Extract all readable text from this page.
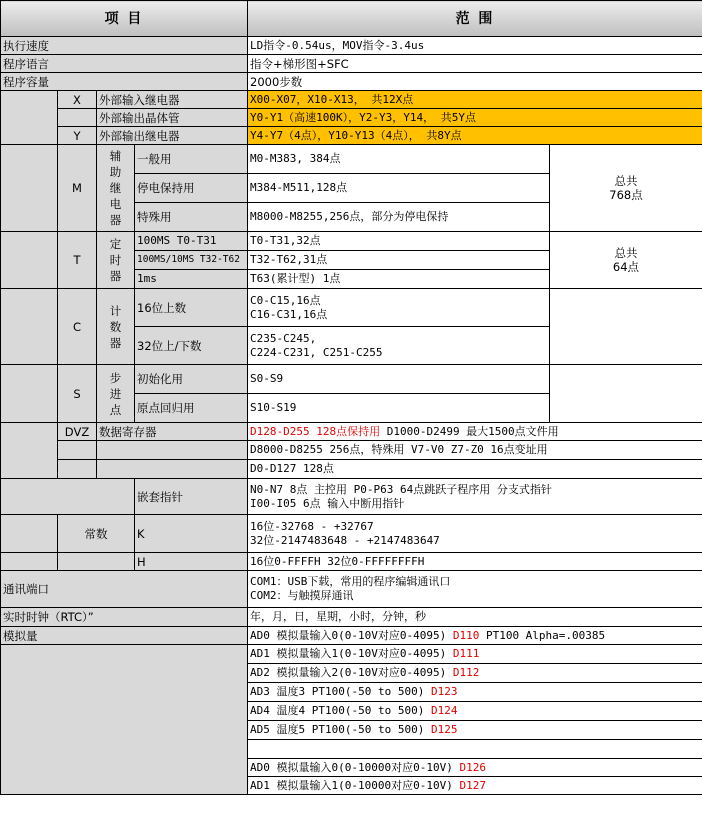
项 目				范 围	
执行速度				LD指令-0.54us，MOV指令-3.4us	
程序语言				指令+梯形图+SFC	
程序容量				2000步数	
	X	外部输入继电器		X00-X07，X10-X13， 共12X点	
		外部输出晶体管		Y0-Y1（高速100K），Y2-Y3，Y14， 共5Y点	
	Y	外部输出继电器		Y4-Y7（4点），Y10-Y13（4点）， 共8Y点	
	M	辅助继电器	一般用	M0-M383, 384点	总共
768点

			停电保持用	M384-M511,128点	
			特殊用	M8000-M8255,256点，部分为停电保持	
	T	定时器	100MS T0-T31	T0-T31,32点	总共
64点

			100MS/10MS T32-T62	T32-T62,31点	
			1ms	T63(累计型) 1点	
	C	计数器	16位上数	C0-C15,16点
C16-C31,16点	

			32位上/下数	C235-C245,
C224-C231, C251-C255	

	S	步进点	初始化用	S0-S9	
			原点回归用	S10-S19	
	DVZ	数据寄存器		D128-D255 128点保持用 D1000-D2499 最大1500点文件用	
				D8000-D8255 256点，特殊用 V7-V0 Z7-Z0 16点变址用	
				D0-D127 128点	
			嵌套指针	N0-N7 8点 主控用 P0-P63 64点跳跃子程序用 分支式指针
I00-I05 6点 输入中断用指针	

	常数		K	16位-32768 - +32767
32位-2147483648 - +2147483647	

			H	16位0-FFFFH 32位0-FFFFFFFFH	
通讯端口				COM1：USB下载，常用的程序编辑通讯口
COM2：与触摸屏通讯	

实时时钟（RTC）”				年，月，日，星期，小时，分钟，秒	
模拟量				AD0 模拟量输入0(0-10V对应0-4095) D110 PT100 Alpha=.00385	
				AD1 模拟量输入1(0-10V对应0-4095) D111	
				AD2 模拟量输入2(0-10V对应0-4095) D112	
				AD3 温度3 PT100(-50 to 500) D123	
				AD4 温度4 PT100(-50 to 500) D124	
				AD5 温度5 PT100(-50 to 500) D125	

				AD0 模拟量输入0(0-10000对应0-10V) D126	
				AD1 模拟量输入1(0-10000对应0-10V) D127	
